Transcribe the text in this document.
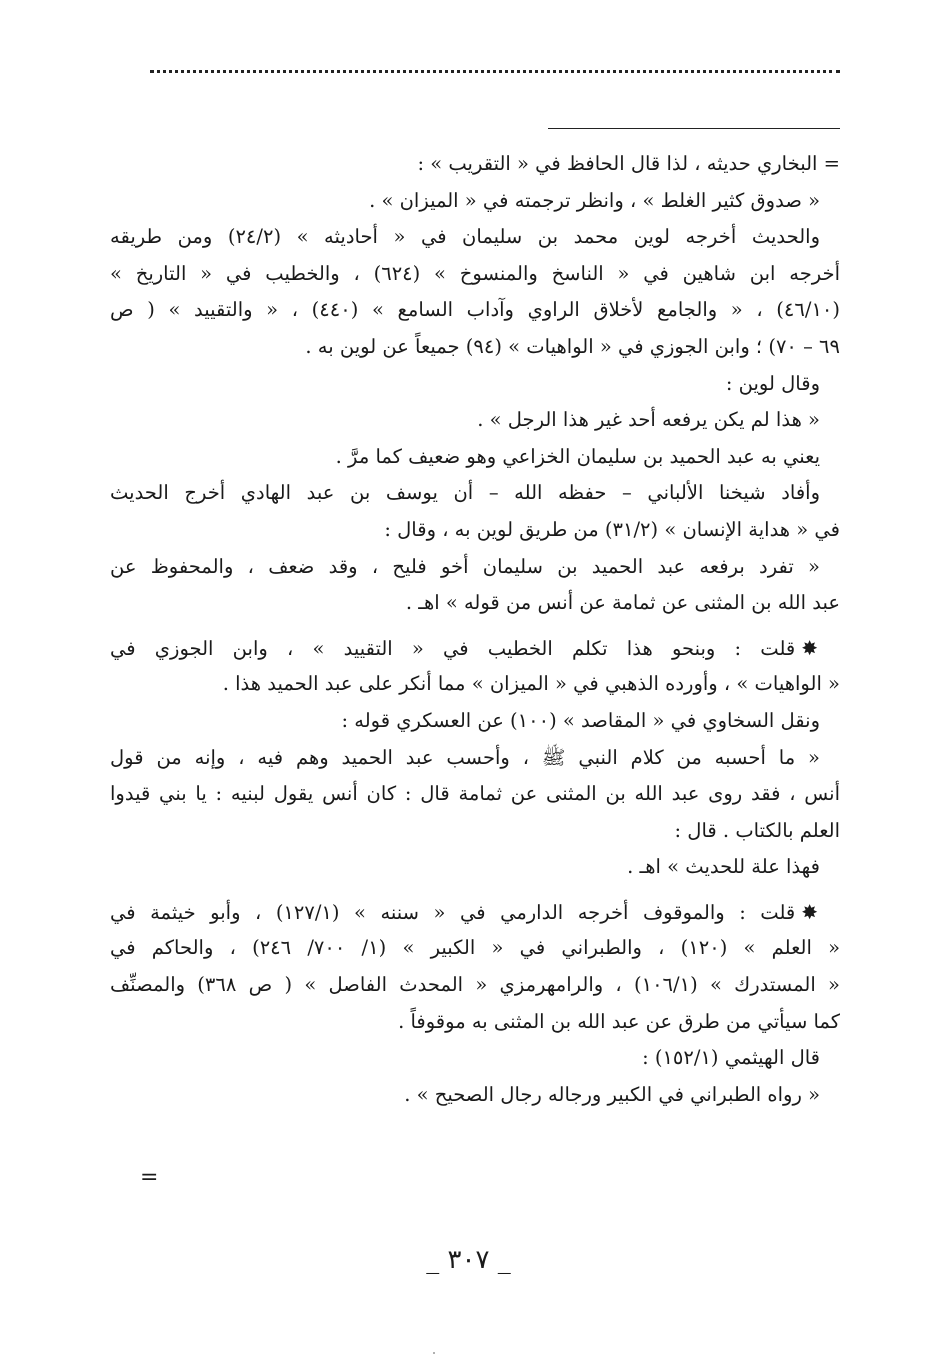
= البخاري حديثه ، لذا قال الحافظ في « التقريب » :
« صدوق كثير الغلط » ، وانظر ترجمته في « الميزان » .
والحديث أخرجه لوين محمد بن سليمان في « أحاديثه » (٢٤/٢) ومن طريقه
أخرجه ابن شاهين في « الناسخ والمنسوخ » (٦٢٤) ، والخطيب في « التاريخ »
(٤٦/١٠) ، « والجامع لأخلاق الراوي وآداب السامع » (٤٤٠) ، « والتقييد » ( ص
٦٩ – ٧٠) ؛ وابن الجوزي في « الواهيات » (٩٤) جميعاً عن لوين به .
وقال لوين :
« هذا لم يكن يرفعه أحد غير هذا الرجل » .
يعني به عبد الحميد بن سليمان الخزاعي وهو ضعيف كما مرَّ .
وأفاد شيخنا الألباني – حفظه الله – أن يوسف بن عبد الهادي أخرج الحديث
في « هداية الإنسان » (٣١/٢) من طريق لوين به ، وقال :
« تفرد برفعه عبد الحميد بن سليمان أخو فليح ، وقد ضعف ، والمحفوظ عن
عبد الله بن المثنى عن ثمامة عن أنس من قوله » اهـ .
✸قلت : وبنحو هذا تكلم الخطيب في « التقييد » ، وابن الجوزي في
« الواهيات » ، وأورده الذهبي في « الميزان » مما أنكر على عبد الحميد هذا .
ونقل السخاوي في « المقاصد » (١٠٠) عن العسكري قوله :
« ما أحسبه من كلام النبي ﷺ ، وأحسب عبد الحميد وهم فيه ، وإنه من قول
أنس ، فقد روى عبد الله بن المثنى عن ثمامة قال : كان أنس يقول لبنيه : يا بني قيدوا
العلم بالكتاب . قال :
فهذا علة للحديث » اهـ .
✸قلت : والموقوف أخرجه الدارمي في « سننه » (١٢٧/١) ، وأبو خيثمة في
« العلم » (١٢٠) ، والطبراني في « الكبير » (١/ ٧٠٠/ ٢٤٦) ، والحاكم في
« المستدرك » (١٠٦/١) ، والرامهرمزي « المحدث الفاصل » ( ص ٣٦٨) والمصنِّف
كما سيأتي من طرق عن عبد الله بن المثنى به موقوفاً .
قال الهيثمي (١٥٢/١) :
« رواه الطبراني في الكبير ورجاله رجال الصحيح » .
=
_ ٣٠٧ _
